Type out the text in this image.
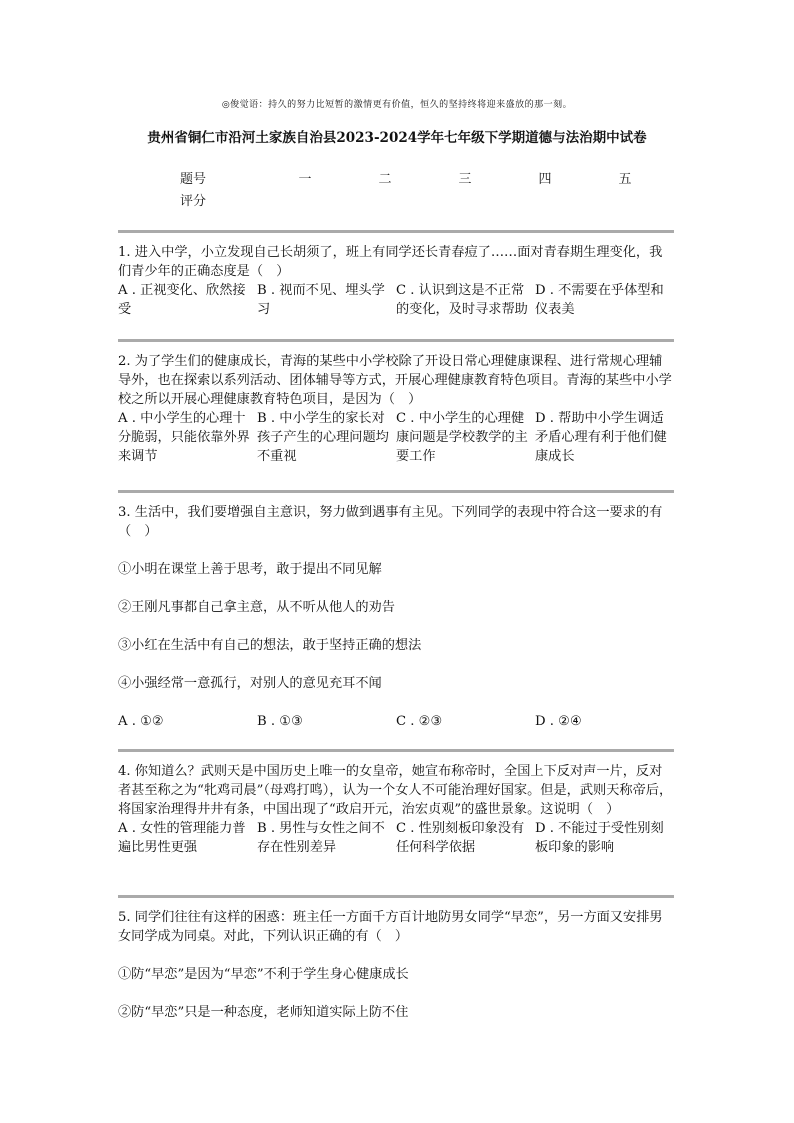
◎俊觉语：持久的努力比短暂的激情更有价值，恒久的坚持终将迎来盛放的那一刻。
贵州省铜仁市沿河土家族自治县2023-2024学年七年级下学期道德与法治期中试卷
题号	一	二	三	四	五
评分

1. 进入中学，小立发现自己长胡须了，班上有同学还长青春痘了……面对青春期生理变化，我们青少年的正确态度是（　）

A . 正视变化、欣然接受
B . 视而不见、埋头学习
C . 认识到这是不正常的变化，及时寻求帮助
D . 不需要在乎体型和仪表美

2. 为了学生们的健康成长，青海的某些中小学校除了开设日常心理健康课程、进行常规心理辅导外，也在探索以系列活动、团体辅导等方式，开展心理健康教育特色项目。青海的某些中小学校之所以开展心理健康教育特色项目，是因为（　）

A . 中小学生的心理十分脆弱，只能依靠外界来调节
B . 中小学生的家长对孩子产生的心理问题均不重视
C . 中小学生的心理健康问题是学校教学的主要工作
D . 帮助中小学生调适矛盾心理有利于他们健康成长

3. 生活中，我们要增强自主意识，努力做到遇事有主见。下列同学的表现中符合这一要求的有（　）

①小明在课堂上善于思考，敢于提出不同见解
②王刚凡事都自己拿主意，从不听从他人的劝告
③小红在生活中有自己的想法，敢于坚持正确的想法
④小强经常一意孤行，对别人的意见充耳不闻
A . ①②	B . ①③	C . ②③	D . ②④

4. 你知道么？武则天是中国历史上唯一的女皇帝，她宣布称帝时，全国上下反对声一片，反对者甚至称之为“牝鸡司晨”（母鸡打鸣），认为一个女人不可能治理好国家。但是，武则天称帝后，将国家治理得井井有条，中国出现了“政启开元，治宏贞观”的盛世景象。这说明（　）

A . 女性的管理能力普遍比男性更强
B . 男性与女性之间不存在性别差异
C . 性别刻板印象没有任何科学依据
D . 不能过于受性别刻板印象的影响

5. 同学们往往有这样的困惑：班主任一方面千方百计地防男女同学“早恋”，另一方面又安排男女同学成为同桌。对此，下列认识正确的有（　）

①防“早恋”是因为“早恋”不利于学生身心健康成长
②防“早恋”只是一种态度，老师知道实际上防不住
